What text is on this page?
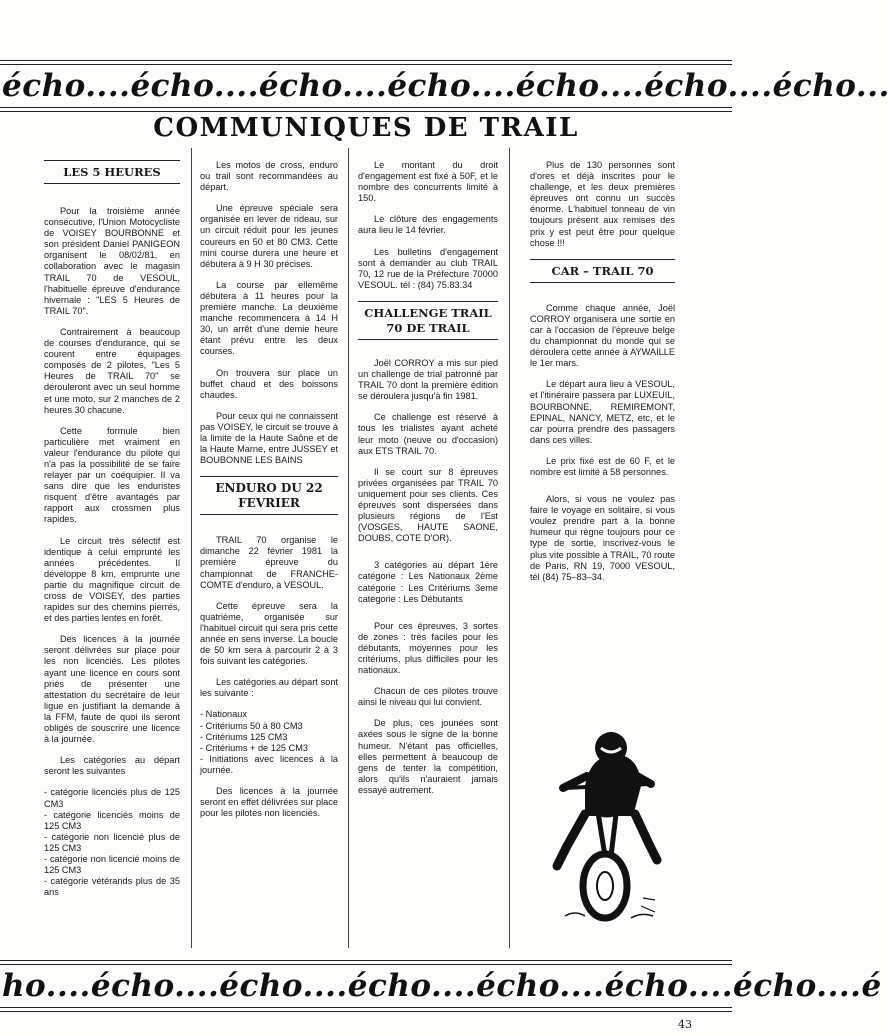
écho....écho....écho....écho....écho....écho....écho...
COMMUNIQUES DE TRAIL
LES 5 HEURES

Pour la troisième année consécutive, l'Union Motocycliste de VOISEY BOURBONNE et son président Daniel PANIGEON organisent le 08/02/81, en collaboration avec le magasin TRAIL 70 de VESOUL, l'habituelle épreuve d'endurance hivernale : "LES 5 Heures de TRAIL 70".

Contrairement à beaucoup de courses d'endurance, qui se courent entre équipages composés de 2 pilotes, "Les 5 Heures de TRAIL 70" se dérouleront avec un seul homme et une moto, sur 2 manches de 2 heures 30 chacune.

Cette formule bien particulière met vraiment en valeur l'endurance du pilote qui n'a pas la possibilité de se faire relayer par un coéquipier. Il va sans dire que les enduristes risquent d'être avantagés par rapport aux crossmen plus rapides.

Le circuit très sélectif est identique à celui emprunté les années précédentes. Il développe 8 km, emprunte une partie du magnifique circuit de cross de VOISEY, des parties rapides sur des chemins pierrés, et des parties lentes en forêt.

Des licences à la journée seront délivrées sur place pour les non licenciés. Les pilotes ayant une licence en cours sont priés de présenter une attestation du secrétaire de leur ligue en justifiant la demande à la FFM, faute de quoi ils seront obligés de souscrire une licence à la journée.

Les catégories au départ seront les suivantes

- catégorie licenciés plus de 125 CM3
- catégorie licenciés moins de 125 CM3
- catégorie non licencié plus de 125 CM3
- catégorie non licencié moins de 125 CM3
- catégorie vétérands plus de 35 ans

Les motos de cross, enduro ou trail sont recommandées au départ.

Une épreuve spéciale sera organisée en lever de rideau, sur un circuit réduit pour les jeunes coureurs en 50 et 80 CM3. Cette mini course durera une heure et débutera à 9 H 30 précises.

La course par ellemême débutera à 11 heures pour la première manche. La deuxième manche recommencera à 14 H 30, un arrêt d'une demie heure étant prévu entre les deux courses.

On trouvera sur place un buffet chaud et des boissons chaudes.

Pour ceux qui ne connaissent pas VOISEY, le circuit se trouve à la limite de la Haute Saône et de la Haute Marne, entre JUSSEY et BOUBONNE LES BAINS

ENDURO DU 22 FEVRIER

TRAIL 70 organise le dimanche 22 février 1981 la première épreuve du championnat de FRANCHE-COMTE d'enduro, à VESOUL.

Cette épreuve sera la quatrième, organisée sur l'habituel circuit qui sera pris cette année en sens inverse. La boucle de 50 km sera à parcourir 2 à 3 fois suivant les catégories.

Les catégories au départ sont les suivante :

- Nationaux
- Critériums 50 à 80 CM3
- Critériums 125 CM3
- Critériums + de 125 CM3
- Initiations avec licences à la journée.

Des licences à la journée seront en effet délivrées sur place pour les pilotes non licenciés.

Le montant du droit d'engagement est fixé à 50F, et le nombre des concurrents limité à 150.

Le clôture des engagements aura lieu le 14 février.

Les bulletins d'engagement sont à demander au club TRAIL 70, 12 rue de la Préfecture 70000 VESOUL. tél : (84) 75.83.34

CHALLENGE TRAIL 70 DE TRAIL

Joël CORROY a mis sur pied un challenge de trial patronné par TRAIL 70 dont la première édition se déroulera jusqu'à fin 1981.

Ce challenge est réservé à tous les trialistes ayant acheté leur moto (neuve ou d'occasion) aux ETS TRAIL 70.

Il se court sur 8 épreuves privées organisées par TRAIL 70 uniquement pour ses clients. Ces épreuves sont dispersées dans plusieurs régions de l'Est (VOSGES, HAUTE SAONE, DOUBS, COTE D'OR).

3 catégories au départ 1ère catégorie : Les Nationaux 2ème catégorie : Les Critériums 3eme catégorie : Les Débutants

Pour ces épreuves, 3 sortes de zones : très faciles pour les débutants, moyennes pour les critériums, plus difficiles pour les nationaux.

Chacun de ces pilotes trouve ainsi le niveau qui lui convient.

De plus, ces jounées sont axées sous le signe de la bonne humeur. N'étant pas officielles, elles permettent à beaucoup de gens de tenter la compétition, alors qu'ils n'auraient jamais essayé autrement.

Plus de 130 personnes sont d'ores et déjà inscrites pour le challenge, et les deux premières épreuves ont connu un succès énorme. L'habituel tonneau de vin toujours présent aux remises des prix y est peut être pour quelque chose !!!

CAR – TRAIL 70

Comme chaque année, Joël CORROY organisera une sortie en car à l'occasion de l'épreuve belge du championnat du monde qui se déroulera cette année à AYWAILLE le 1er mars.

Le départ aura lieu à VESOUL, et l'itinéraire passera par LUXEUIL, BOURBONNE, REMIREMONT, EPINAL, NANCY, METZ, etc, et le car pourra prendre des passagers dans ces villes.

Le prix fixé est de 60 F, et le nombre est limité à 58 personnes.

Alors, si vous ne voulez pas faire le voyage en solitaire, si vous voulez prendre part à la bonne humeur qui règne toujours pour ce type de sortie, inscrivez-vous le plus vite possible à TRAIL, 70 route de Paris, RN 19, 7000 VESOUL, tél (84) 75–83–34.

ho....écho....écho....écho....écho....écho....écho....é
43
